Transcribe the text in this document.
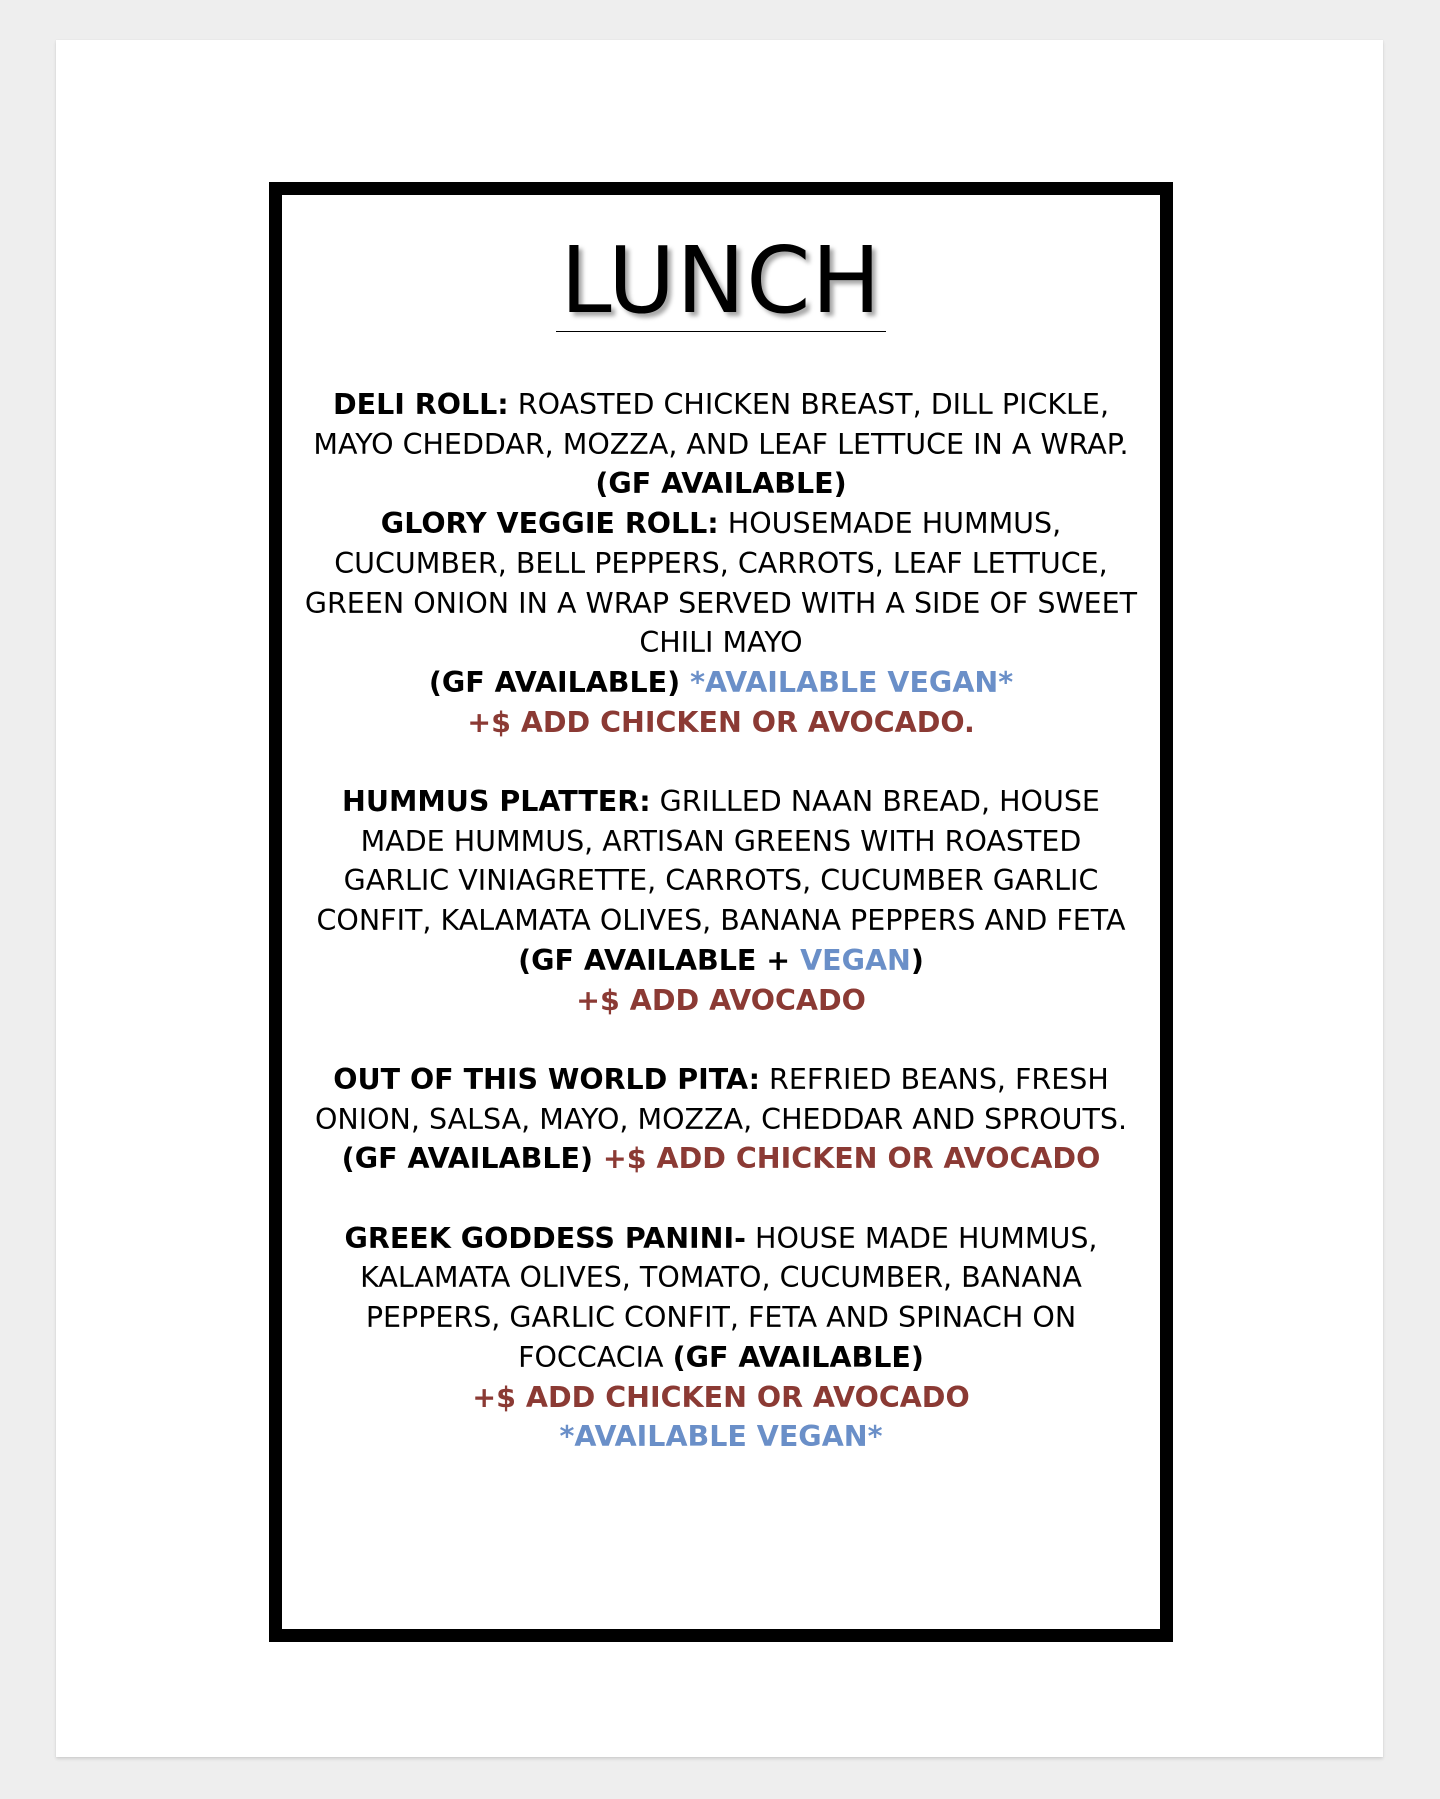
LUNCH
DELI ROLL: ROASTED CHICKEN BREAST, DILL PICKLE, MAYO CHEDDAR, MOZZA, AND LEAF LETTUCE IN A WRAP.
(GF AVAILABLE)
GLORY VEGGIE ROLL: HOUSEMADE HUMMUS, CUCUMBER, BELL PEPPERS, CARROTS, LEAF LETTUCE, GREEN ONION IN A WRAP SERVED WITH A SIDE OF SWEET CHILI MAYO
(GF AVAILABLE) *AVAILABLE VEGAN*
+$ ADD CHICKEN OR AVOCADO.
HUMMUS PLATTER: GRILLED NAAN BREAD, HOUSE MADE HUMMUS, ARTISAN GREENS WITH ROASTED GARLIC VINIAGRETTE, CARROTS, CUCUMBER GARLIC CONFIT, KALAMATA OLIVES, BANANA PEPPERS AND FETA (GF AVAILABLE + VEGAN)
+$ ADD AVOCADO
OUT OF THIS WORLD PITA: REFRIED BEANS, FRESH ONION, SALSA, MAYO, MOZZA, CHEDDAR AND SPROUTS. (GF AVAILABLE) +$ ADD CHICKEN OR AVOCADO
GREEK GODDESS PANINI- HOUSE MADE HUMMUS, KALAMATA OLIVES, TOMATO, CUCUMBER, BANANA PEPPERS, GARLIC CONFIT, FETA AND SPINACH ON FOCCACIA (GF AVAILABLE)
+$ ADD CHICKEN OR AVOCADO
*AVAILABLE VEGAN*
